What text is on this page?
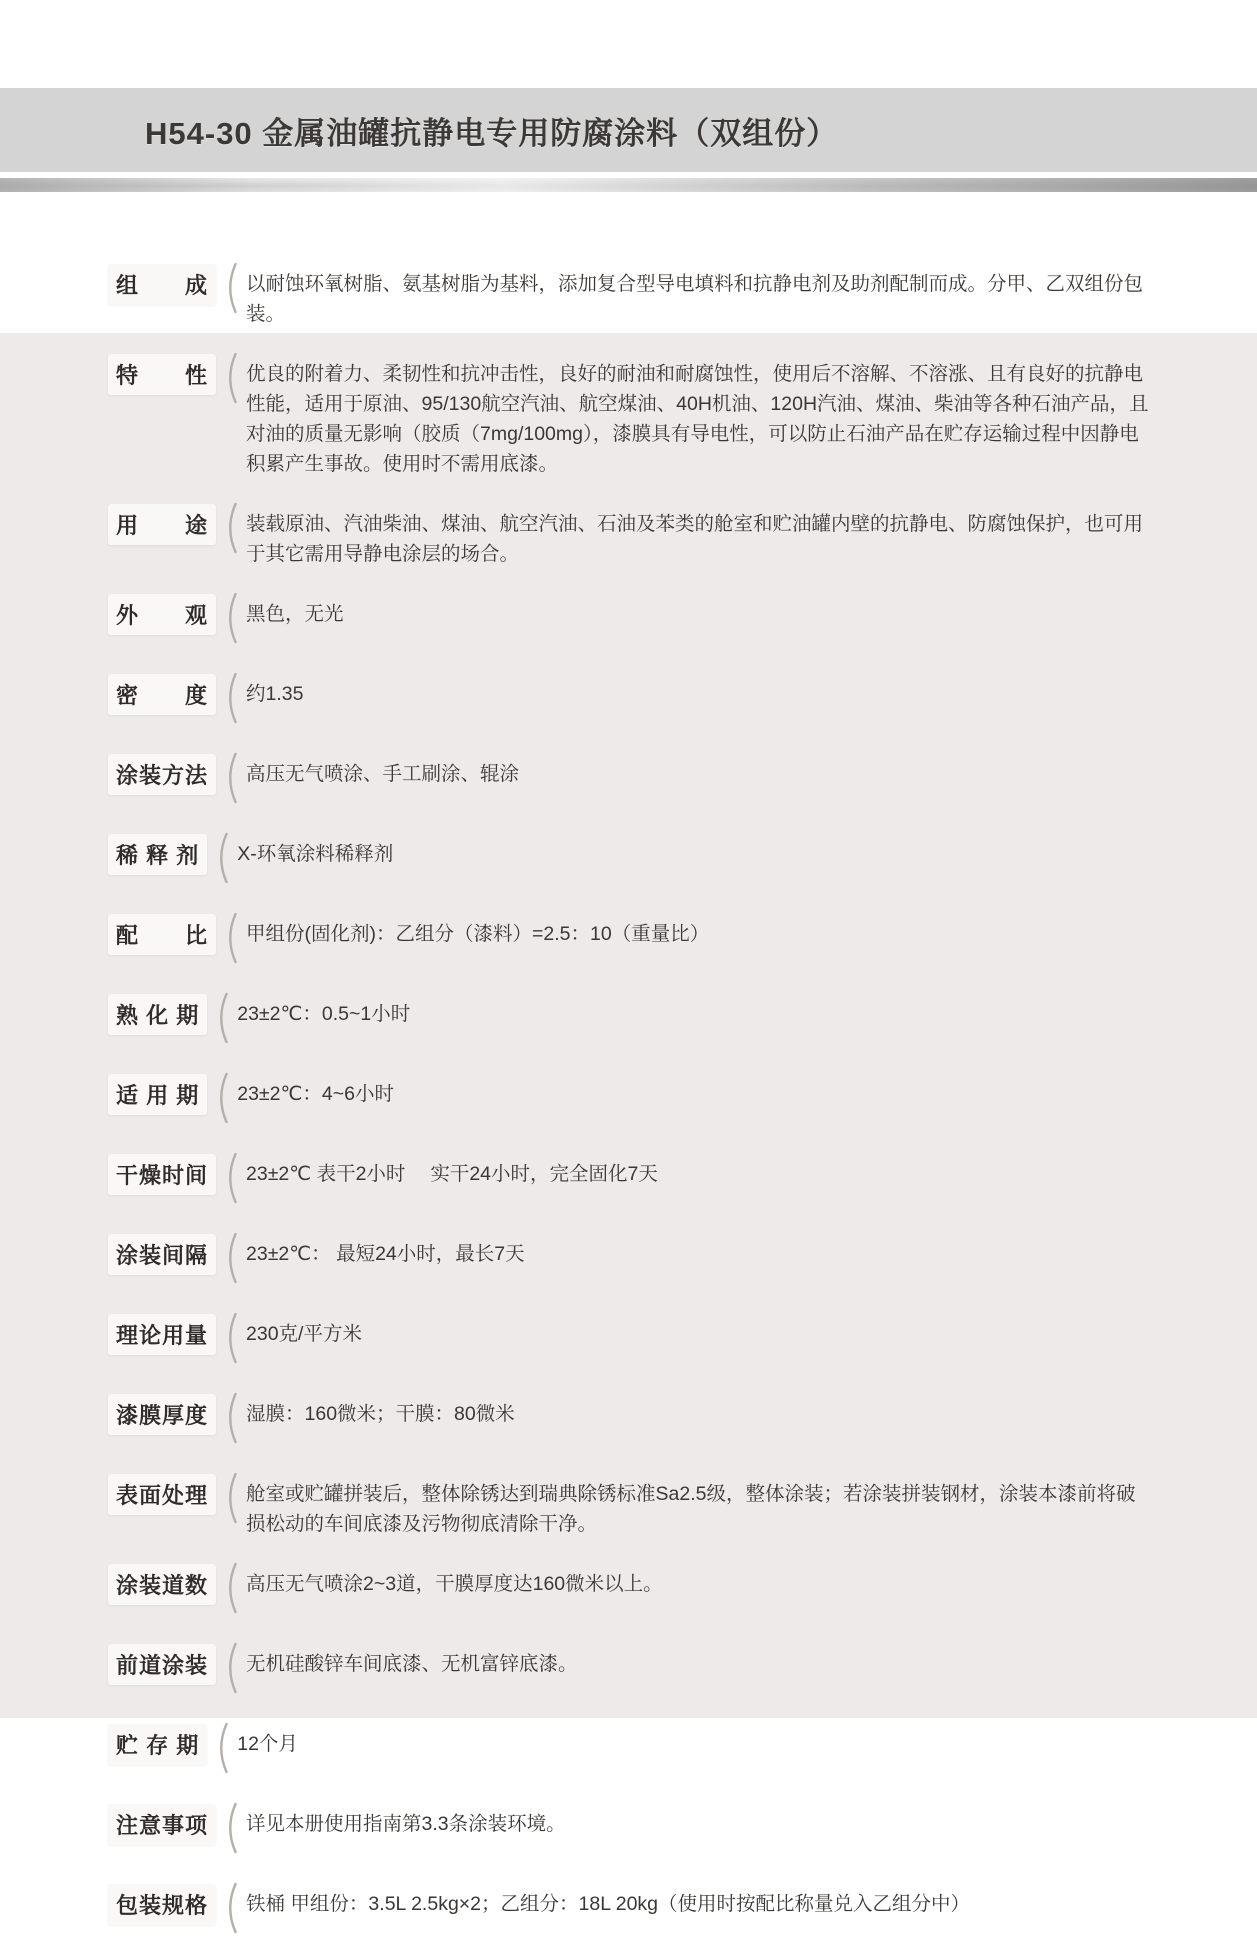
H54-30 金属油罐抗静电专用防腐涂料（双组份）
组　　成	以耐蚀环氧树脂、氨基树脂为基料，添加复合型导电填料和抗静电剂及助剂配制而成。分甲、乙双组份包装。
特　　性	优良的附着力、柔韧性和抗冲击性，良好的耐油和耐腐蚀性，使用后不溶解、不溶涨、且有良好的抗静电性能，适用于原油、95/130航空汽油、航空煤油、40H机油、120H汽油、煤油、柴油等各种石油产品，且对油的质量无影响（胶质（7mg/100mg），漆膜具有导电性，可以防止石油产品在贮存运输过程中因静电积累产生事故。使用时不需用底漆。
用　　途	装载原油、汽油柴油、煤油、航空汽油、石油及苯类的舱室和贮油罐内壁的抗静电、防腐蚀保护，也可用于其它需用导静电涂层的场合。
外　　观	黑色，无光
密　　度	约1.35
涂装方法	高压无气喷涂、手工刷涂、辊涂
稀 释 剂	X-环氧涂料稀释剂
配　　比	甲组份(固化剂)：乙组分（漆料）=2.5：10（重量比）
熟 化 期	23±2℃：0.5~1小时
适 用 期	23±2℃：4~6小时
干燥时间	23±2℃ 表干2小时　 实干24小时，完全固化7天
涂装间隔	23±2℃： 最短24小时，最长7天
理论用量	230克/平方米
漆膜厚度	湿膜：160微米；干膜：80微米
表面处理	舱室或贮罐拼装后，整体除锈达到瑞典除锈标准Sa2.5级，整体涂装；若涂装拼装钢材，涂装本漆前将破损松动的车间底漆及污物彻底清除干净。
涂装道数	高压无气喷涂2~3道，干膜厚度达160微米以上。
前道涂装	无机硅酸锌车间底漆、无机富锌底漆。
贮 存 期	12个月
注意事项	详见本册使用指南第3.3条涂装环境。
包装规格	铁桶 甲组份：3.5L 2.5kg×2；乙组分：18L 20kg（使用时按配比称量兑入乙组分中）
